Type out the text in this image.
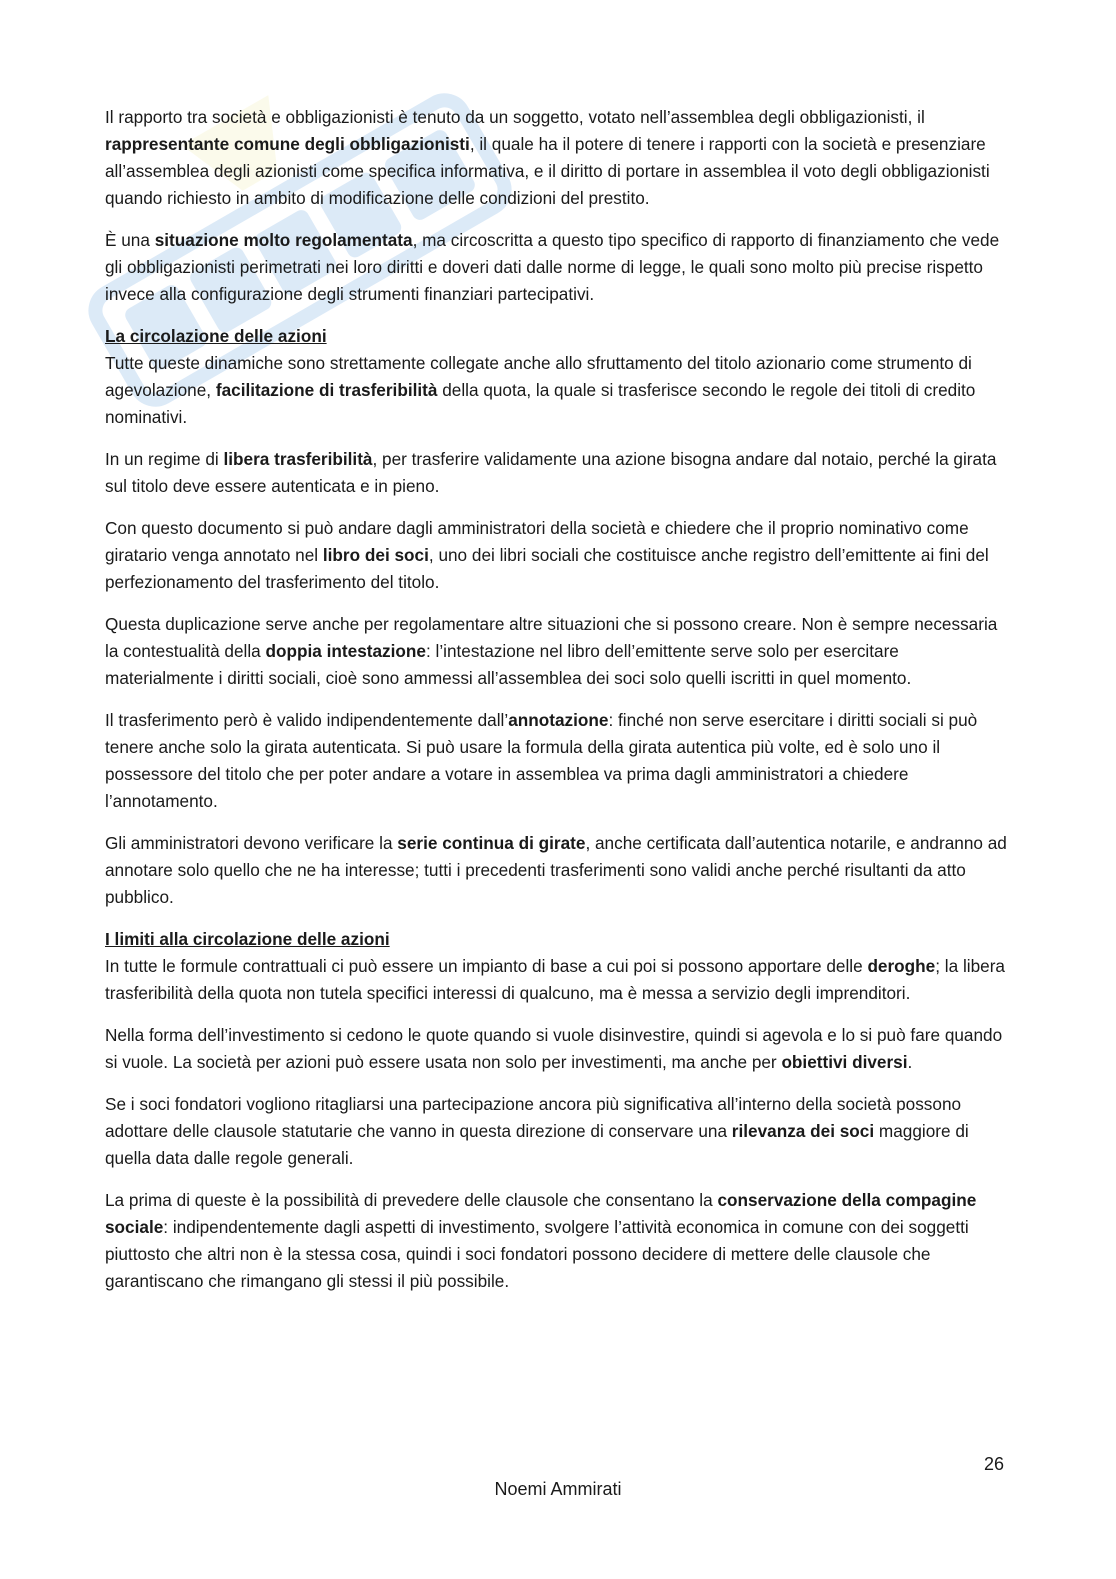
Il rapporto tra società e obbligazionisti è tenuto da un soggetto, votato nell’assemblea degli obbligazionisti, il rappresentante comune degli obbligazionisti, il quale ha il potere di tenere i rapporti con la società e presenziare all’assemblea degli azionisti come specifica informativa, e il diritto di portare in assemblea il voto degli obbligazionisti quando richiesto in ambito di modificazione delle condizioni del prestito.

È una situazione molto regolamentata, ma circoscritta a questo tipo specifico di rapporto di finanziamento che vede gli obbligazionisti perimetrati nei loro diritti e doveri dati dalle norme di legge, le quali sono molto più precise rispetto invece alla configurazione degli strumenti finanziari partecipativi.

La circolazione delle azioni
Tutte queste dinamiche sono strettamente collegate anche allo sfruttamento del titolo azionario come strumento di agevolazione, facilitazione di trasferibilità della quota, la quale si trasferisce secondo le regole dei titoli di credito nominativi.

In un regime di libera trasferibilità, per trasferire validamente una azione bisogna andare dal notaio, perché la girata sul titolo deve essere autenticata e in pieno.

Con questo documento si può andare dagli amministratori della società e chiedere che il proprio nominativo come giratario venga annotato nel libro dei soci, uno dei libri sociali che costituisce anche registro dell’emittente ai fini del perfezionamento del trasferimento del titolo.

Questa duplicazione serve anche per regolamentare altre situazioni che si possono creare. Non è sempre necessaria la contestualità della doppia intestazione: l’intestazione nel libro dell’emittente serve solo per esercitare materialmente i diritti sociali, cioè sono ammessi all’assemblea dei soci solo quelli iscritti in quel momento.

Il trasferimento però è valido indipendentemente dall’annotazione: finché non serve esercitare i diritti sociali si può tenere anche solo la girata autenticata. Si può usare la formula della girata autentica più volte, ed è solo uno il possessore del titolo che per poter andare a votare in assemblea va prima dagli amministratori a chiedere l’annotamento.

Gli amministratori devono verificare la serie continua di girate, anche certificata dall’autentica notarile, e andranno ad annotare solo quello che ne ha interesse; tutti i precedenti trasferimenti sono validi anche perché risultanti da atto pubblico.

I limiti alla circolazione delle azioni
In tutte le formule contrattuali ci può essere un impianto di base a cui poi si possono apportare delle deroghe; la libera trasferibilità della quota non tutela specifici interessi di qualcuno, ma è messa a servizio degli imprenditori.

Nella forma dell’investimento si cedono le quote quando si vuole disinvestire, quindi si agevola e lo si può fare quando si vuole. La società per azioni può essere usata non solo per investimenti, ma anche per obiettivi diversi.

Se i soci fondatori vogliono ritagliarsi una partecipazione ancora più significativa all’interno della società possono adottare delle clausole statutarie che vanno in questa direzione di conservare una rilevanza dei soci maggiore di quella data dalle regole generali.

La prima di queste è la possibilità di prevedere delle clausole che consentano la conservazione della compagine sociale: indipendentemente dagli aspetti di investimento, svolgere l’attività economica in comune con dei soggetti piuttosto che altri non è la stessa cosa, quindi i soci fondatori possono decidere di mettere delle clausole che garantiscano che rimangano gli stessi il più possibile.

26
Noemi Ammirati
